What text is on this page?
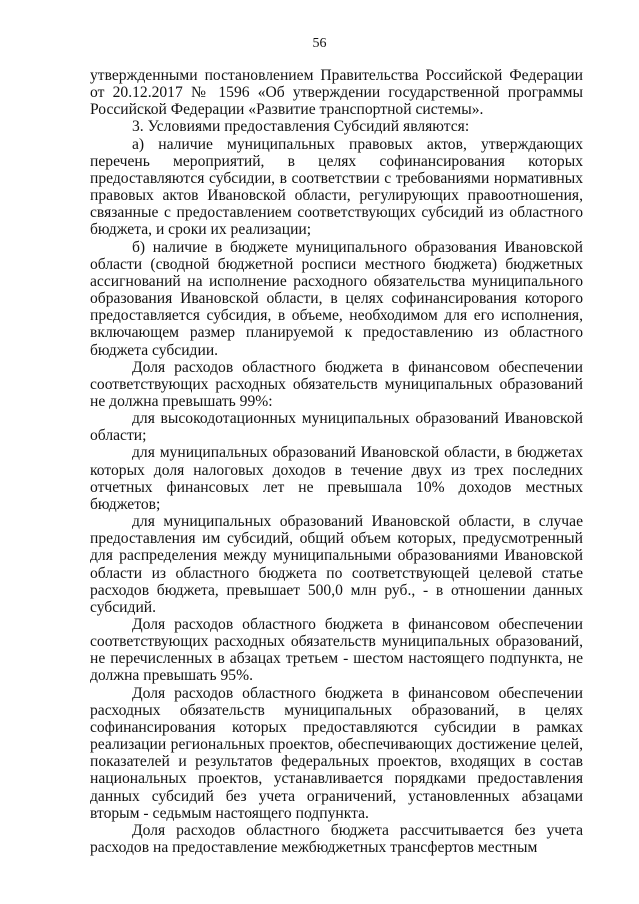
56

утвержденными постановлением Правительства Российской Федерации от 20.12.2017 № 1596 «Об утверждении государственной программы Российской Федерации «Развитие транспортной системы».

3. Условиями предоставления Субсидий являются:

а) наличие муниципальных правовых актов, утверждающих перечень мероприятий, в целях софинансирования которых предоставляются субсидии, в соответствии с требованиями нормативных правовых актов Ивановской области, регулирующих правоотношения, связанные с предоставлением соответствующих субсидий из областного бюджета, и сроки их реализации;

б) наличие в бюджете муниципального образования Ивановской области (сводной бюджетной росписи местного бюджета) бюджетных ассигнований на исполнение расходного обязательства муниципального образования Ивановской области, в целях софинансирования которого предоставляется субсидия, в объеме, необходимом для его исполнения, включающем размер планируемой к предоставлению из областного бюджета субсидии.

Доля расходов областного бюджета в финансовом обеспечении соответствующих расходных обязательств муниципальных образований не должна превышать 99%:

для высокодотационных муниципальных образований Ивановской области;

для муниципальных образований Ивановской области, в бюджетах которых доля налоговых доходов в течение двух из трех последних отчетных финансовых лет не превышала 10% доходов местных бюджетов;

для муниципальных образований Ивановской области, в случае предоставления им субсидий, общий объем которых, предусмотренный для распределения между муниципальными образованиями Ивановской области из областного бюджета по соответствующей целевой статье расходов бюджета, превышает 500,0 млн руб., - в отношении данных субсидий.

Доля расходов областного бюджета в финансовом обеспечении соответствующих расходных обязательств муниципальных образований, не перечисленных в абзацах третьем - шестом настоящего подпункта, не должна превышать 95%.

Доля расходов областного бюджета в финансовом обеспечении расходных обязательств муниципальных образований, в целях софинансирования которых предоставляются субсидии в рамках реализации региональных проектов, обеспечивающих достижение целей, показателей и результатов федеральных проектов, входящих в состав национальных проектов, устанавливается порядками предоставления данных субсидий без учета ограничений, установленных абзацами вторым - седьмым настоящего подпункта.

Доля расходов областного бюджета рассчитывается без учета расходов на предоставление межбюджетных трансфертов местным
